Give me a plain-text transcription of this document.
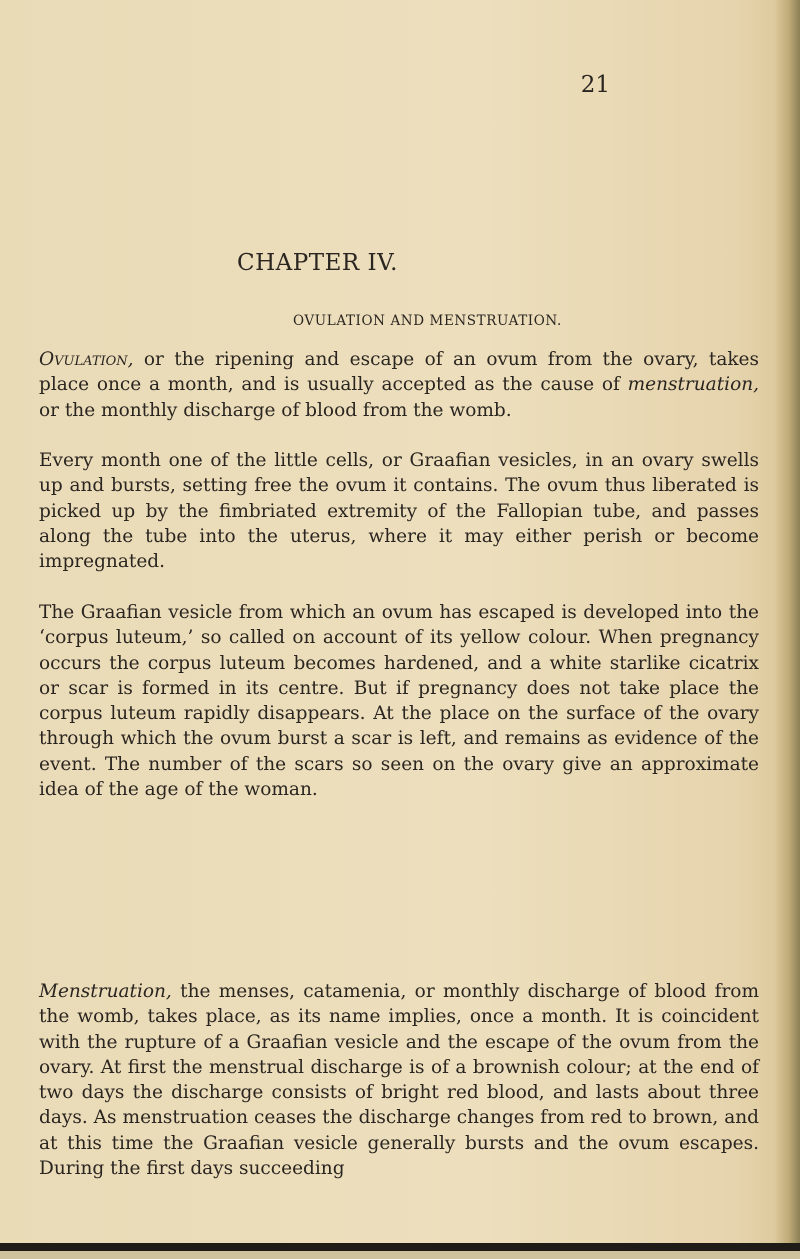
21
CHAPTER IV.
OVULATION AND MENSTRUATION.

Ovulation, or the ripening and escape of an ovum from the ovary, takes place once a month, and is usually accepted as the cause of menstruation, or the monthly discharge of blood from the womb.

Every month one of the little cells, or Graafian vesicles, in an ovary swells up and bursts, setting free the ovum it contains. The ovum thus liberated is picked up by the fimbriated extremity of the Fallopian tube, and passes along the tube into the uterus, where it may either perish or become impregnated.

The Graafian vesicle from which an ovum has escaped is developed into the ‘corpus luteum,’ so called on account of its yellow colour. When pregnancy occurs the corpus luteum becomes hardened, and a white starlike cicatrix or scar is formed in its centre. But if pregnancy does not take place the corpus luteum rapidly disappears. At the place on the surface of the ovary through which the ovum burst a scar is left, and remains as evidence of the event. The number of the scars so seen on the ovary give an approximate idea of the age of the woman.

Menstruation, the menses, catamenia, or monthly discharge of blood from the womb, takes place, as its name implies, once a month. It is coincident with the rupture of a Graafian vesicle and the escape of the ovum from the ovary. At first the menstrual discharge is of a brownish colour; at the end of two days the discharge consists of bright red blood, and lasts about three days. As menstruation ceases the discharge changes from red to brown, and at this time the Graafian vesicle generally bursts and the ovum escapes. During the first days succeeding
